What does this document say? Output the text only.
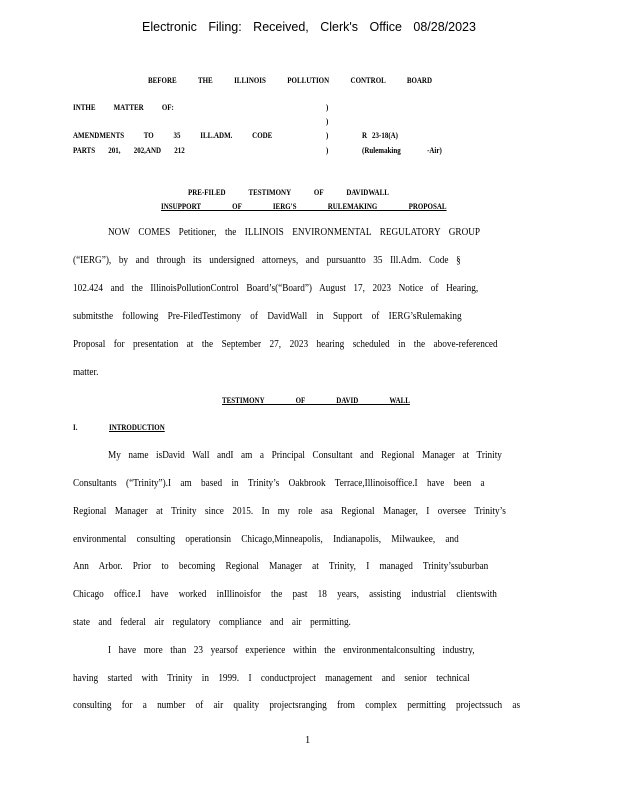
Electronic Filing: Received, Clerk's Office 08/28/2023
BEFORE THE ILLINOIS POLLUTION CONTROL BOARD
INTHE MATTER OF:	)
)
)
)
AMENDMENTS TO 35 ILL.ADM. CODE
PARTS 201, 202,AND 212
R 23-18(A)
(Rulemaking -Air)
PRE-FILED TESTIMONY OF DAVIDWALL
INSUPPORT OF IERG'S RULEMAKING PROPOSAL
NOW COMES Petitioner, the ILLINOIS ENVIRONMENTAL REGULATORY GROUP
(“IERG”), by and through its undersigned attorneys, and pursuantto 35 Ill.Adm. Code §
102.424 and the IllinoisPollutionControl Board’s(“Board”) August 17, 2023 Notice of Hearing,
submitsthe following Pre-FiledTestimony of DavidWall in Support of IERG’sRulemaking
Proposal for presentation at the September 27, 2023 hearing scheduled in the above-referenced
matter.
TESTIMONY OF DAVID WALL
I.	INTRODUCTION
My name isDavid Wall andI am a Principal Consultant and Regional Manager at Trinity
Consultants (“Trinity”).I am based in Trinity’s Oakbrook Terrace,Illinoisoffice.I have been a
Regional Manager at Trinity since 2015. In my role asa Regional Manager, I oversee Trinity’s
environmental consulting operationsin Chicago,Minneapolis, Indianapolis, Milwaukee, and
Ann Arbor. Prior to becoming Regional Manager at Trinity, I managed Trinity’ssuburban
Chicago office.I have worked inIllinoisfor the past 18 years, assisting industrial clientswith
state and federal air regulatory compliance and air permitting.
I have more than 23 yearsof experience within the environmentalconsulting industry,
having started with Trinity in 1999. I conductproject management and senior technical
consulting for a number of air quality projectsranging from complex permitting projectssuch as
1
